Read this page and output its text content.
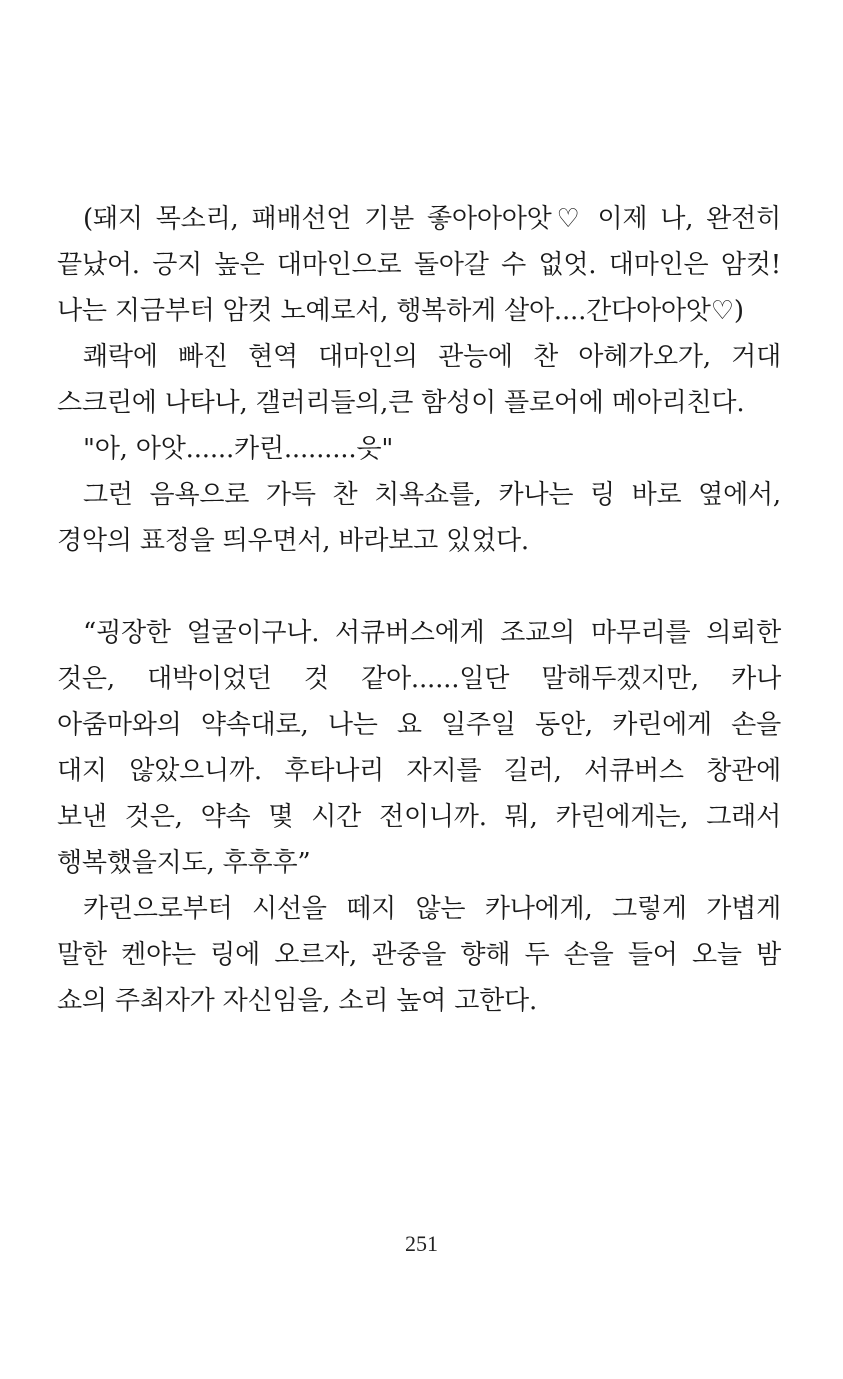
(돼지 목소리, 패배선언 기분 좋아아아앗♡ 이제 나, 완전히
끝났어. 긍지 높은 대마인으로 돌아갈 수 없엇. 대마인은 암컷!
나는 지금부터 암컷 노예로서, 행복하게 살아....간다아아앗♡)
쾌락에 빠진 현역 대마인의 관능에 찬 아헤가오가, 거대
스크린에 나타나, 갤러리들의,큰 함성이 플로어에 메아리친다.
"아, 아앗......카린.........읏"
그런 음욕으로 가득 찬 치욕쇼를, 카나는 링 바로 옆에서,
경악의 표정을 띄우면서, 바라보고 있었다.
“굉장한 얼굴이구나. 서큐버스에게 조교의 마무리를 의뢰한
것은, 대박이었던 것 같아......일단 말해두겠지만, 카나
아줌마와의 약속대로, 나는 요 일주일 동안, 카린에게 손을
대지 않았으니까. 후타나리 자지를 길러, 서큐버스 창관에
보낸 것은, 약속 몇 시간 전이니까. 뭐, 카린에게는, 그래서
행복했을지도, 후후후”
카린으로부터 시선을 떼지 않는 카나에게, 그렇게 가볍게
말한 켄야는 링에 오르자, 관중을 향해 두 손을 들어 오늘 밤
쇼의 주최자가 자신임을, 소리 높여 고한다.
251
